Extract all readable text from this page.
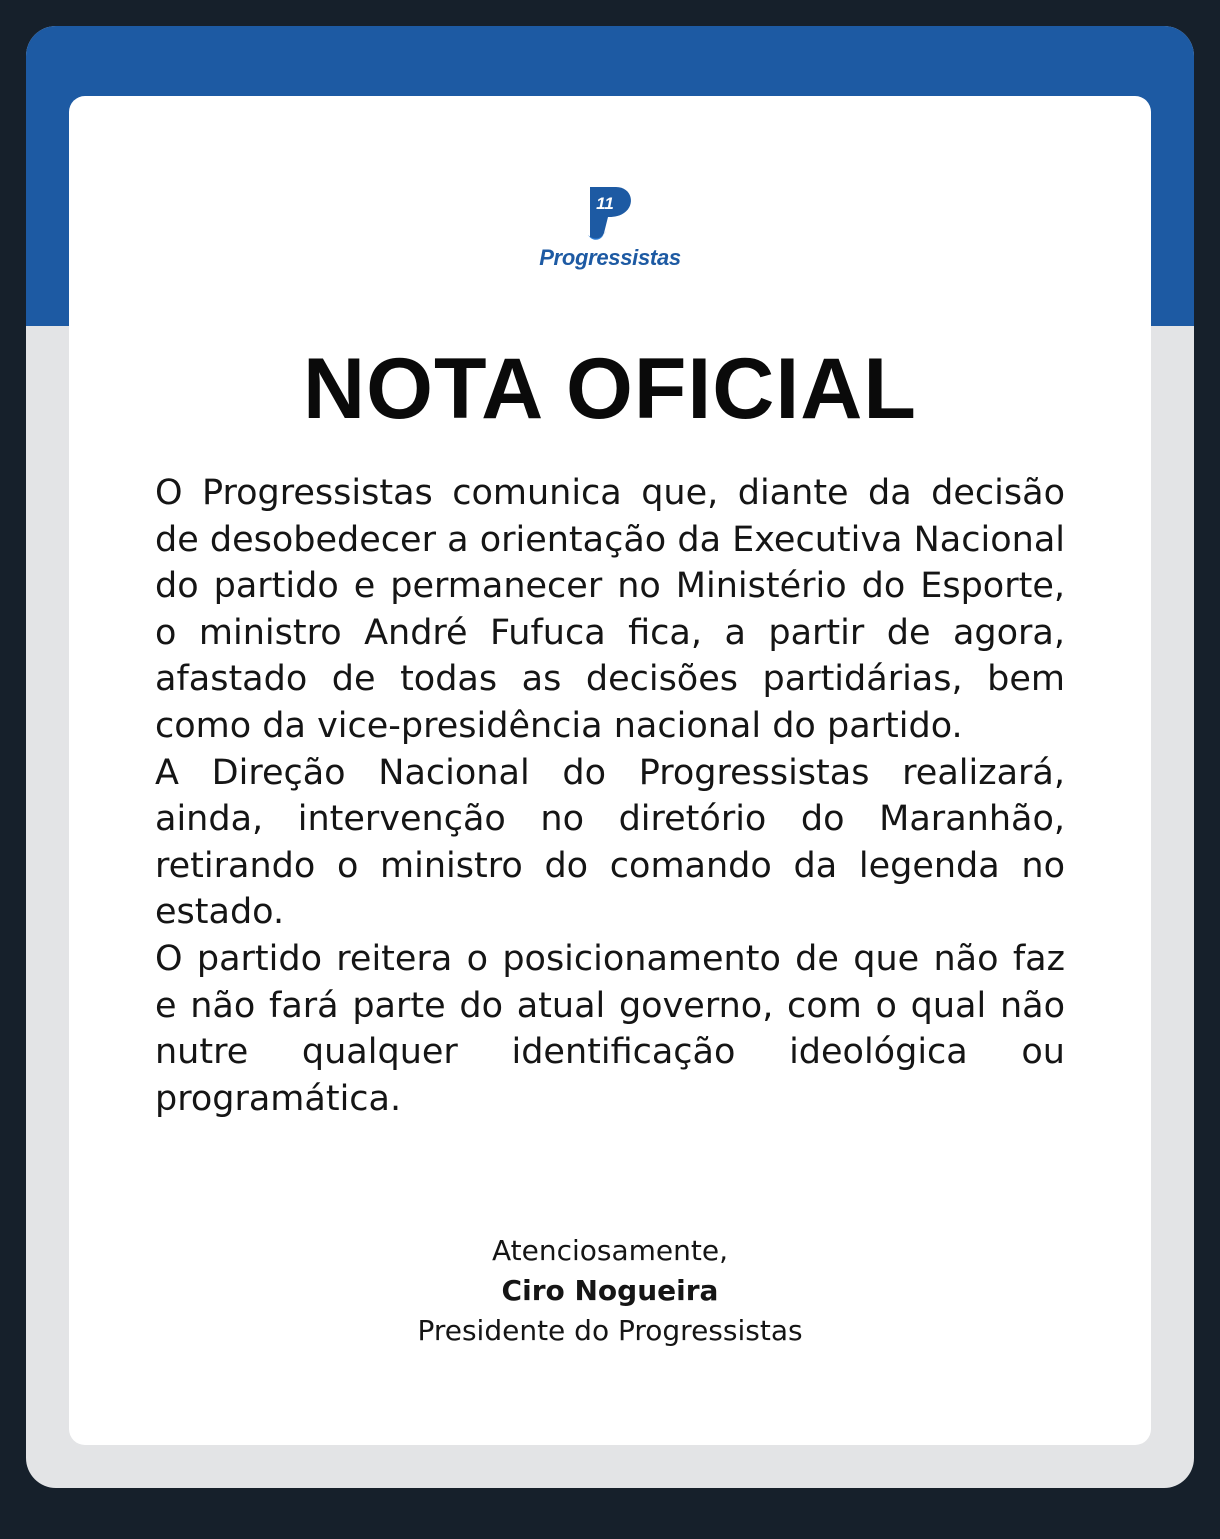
11
Progressistas
NOTA OFICIAL

O Progressistas comunica que, diante da decisão de desobedecer a orientação da Executiva Nacional do partido e permanecer no Ministério do Esporte, o ministro André Fufuca fica, a partir de agora, afastado de todas as decisões partidárias, bem como da vice-presidência nacional do partido.

A Direção Nacional do Progressistas realizará, ainda, intervenção no diretório do Maranhão, retirando o ministro do comando da legenda no estado.

O partido reitera o posicionamento de que não faz e não fará parte do atual governo, com o qual não nutre qualquer identificação ideológica ou programática.

Atenciosamente,
Ciro Nogueira
Presidente do Progressistas
